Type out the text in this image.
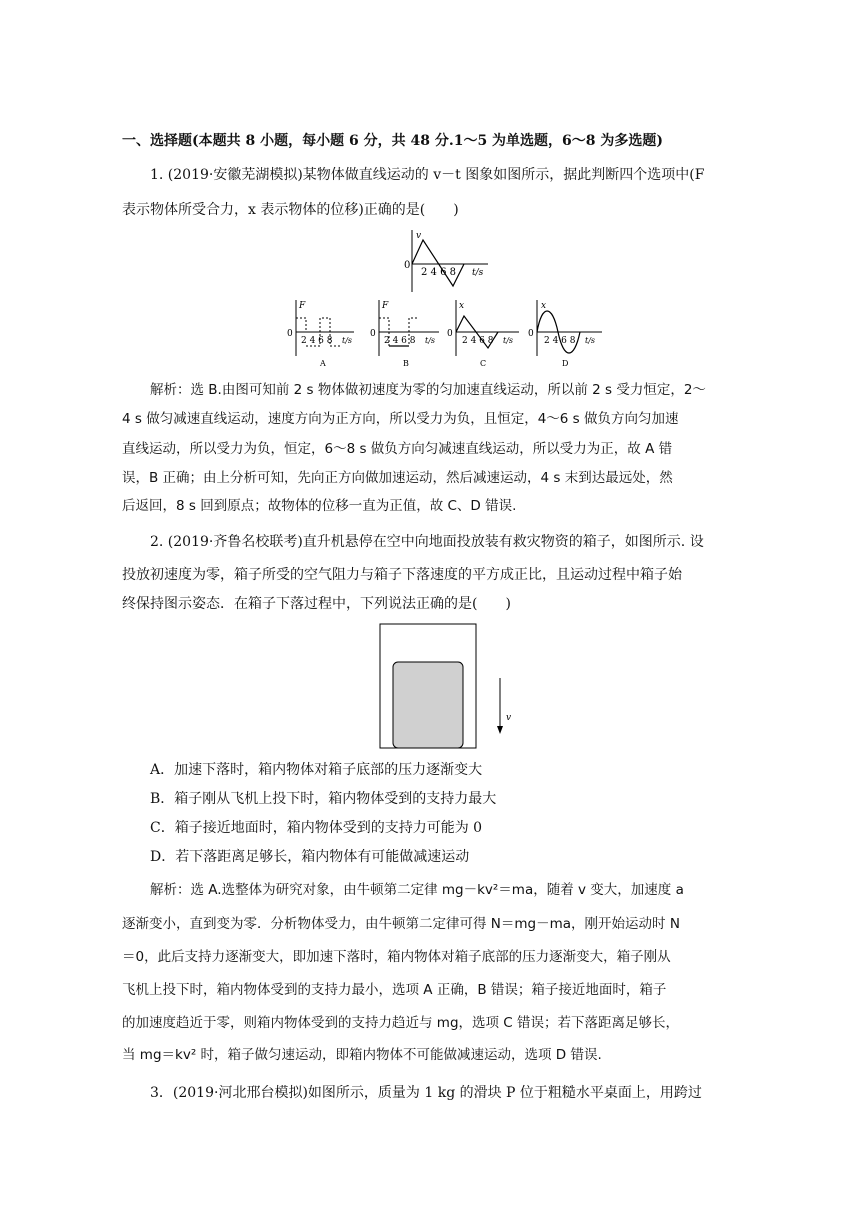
一、选择题(本题共 8 小题，每小题 6 分，共 48 分.1～5 为单选题，6～8 为多选题)
1. (2019·安徽芜湖模拟)某物体做直线运动的 v－t 图象如图所示，据此判断四个选项中(F
表示物体所受合力，x 表示物体的位移)正确的是(　　)
v
0
2 4 6 8 t/s
F
0
2 4 6 8 t/s
A
F
0
2 4 6 8 t/s
B
x
0
2 4 6 8 t/s
C
x
0
2 4 6 8 t/s
D
解析：选 B.由图可知前 2 s 物体做初速度为零的匀加速直线运动，所以前 2 s 受力恒定，2～
4 s 做匀减速直线运动，速度方向为正方向，所以受力为负，且恒定，4～6 s 做负方向匀加速
直线运动，所以受力为负，恒定，6～8 s 做负方向匀减速直线运动，所以受力为正，故 A 错
误，B 正确；由上分析可知，先向正方向做加速运动，然后减速运动，4 s 末到达最远处，然
后返回，8 s 回到原点；故物体的位移一直为正值，故 C、D 错误.
2. (2019·齐鲁名校联考)直升机悬停在空中向地面投放装有救灾物资的箱子，如图所示. 设
投放初速度为零，箱子所受的空气阻力与箱子下落速度的平方成正比，且运动过程中箱子始
终保持图示姿态．在箱子下落过程中，下列说法正确的是(　　)
v
A．加速下落时，箱内物体对箱子底部的压力逐渐变大
B．箱子刚从飞机上投下时，箱内物体受到的支持力最大
C．箱子接近地面时，箱内物体受到的支持力可能为 0
D．若下落距离足够长，箱内物体有可能做减速运动
解析：选 A.选整体为研究对象，由牛顿第二定律 mg－kv²＝ma，随着 v 变大，加速度 a
逐渐变小，直到变为零．分析物体受力，由牛顿第二定律可得 N＝mg－ma，刚开始运动时 N
＝0，此后支持力逐渐变大，即加速下落时，箱内物体对箱子底部的压力逐渐变大，箱子刚从
飞机上投下时，箱内物体受到的支持力最小，选项 A 正确，B 错误；箱子接近地面时，箱子
的加速度趋近于零，则箱内物体受到的支持力趋近与 mg，选项 C 错误；若下落距离足够长，
当 mg＝kv² 时，箱子做匀速运动，即箱内物体不可能做减速运动，选项 D 错误.
3．(2019·河北邢台模拟)如图所示，质量为 1 kg 的滑块 P 位于粗糙水平桌面上，用跨过
